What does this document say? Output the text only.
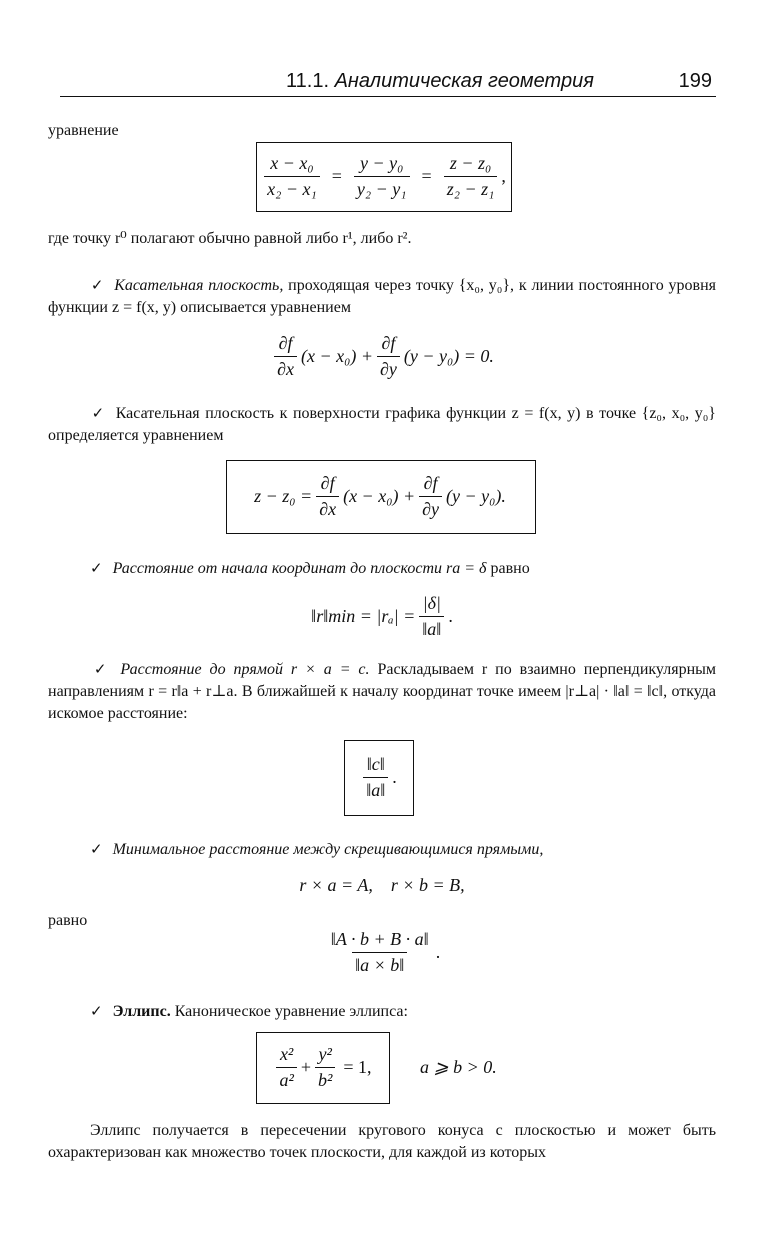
11.1. Аналитическая геометрия	199
уравнение
$\frac{\text{x − x₀}}{\text{x₂ − x₁}} = \frac{\text{y − y₀}}{\text{y₂ − y₁}} = \frac{\text{z − z₀}}{\text{z₂ − z₁}}$ ,
где точку r⁰ полагают обычно равной либо r¹, либо r².
✓ Касательная плоскость, проходящая через точку {x₀, y₀}, к линии постоянного уровня функции z = f(x, y) описывается уравнением
$\frac{\partial f}{\partial x} (x - x_0) + \frac{\partial f}{\partial y} (y - y_0) = 0$.
✓ Касательная плоскость к поверхности графика функции z = f(x, y) в точке {z₀, x₀, y₀} определяется уравнением
$z - z_0 = \frac{\partial f}{\partial x} (x - x_0) + \frac{\partial f}{\partial y} (y - y_0)$.
✓ Расстояние от начала координат до плоскости ra = δ равно
‖r‖min = $|r_a| = \frac{|\delta|}{‖a‖}$ .
✓ Расстояние до прямой r × a = c. Раскладываем r по взаимно перпендикулярным направлениям r = r‖a + r⊥a. В ближайшей к началу координат точке имеем |r⊥a| · ‖a‖ = ‖c‖, откуда искомое расстояние:
$\frac{‖c‖}{‖a‖}$ .
✓ Минимальное расстояние между скрещивающимися прямыми,
r × a = A,    r × b = B,
равно
$\frac{‖A \cdot b + B \cdot a‖}{‖a \times b‖}$ .
✓ Эллипс. Каноническое уравнение эллипса:
$\frac{\text{x²}}{\text{a²}} + \frac{\text{y²}}{\text{b²}} = 1$,	a ⩾ b > 0.
Эллипс получается в пересечении кругового конуса с плоскостью и может быть охарактеризован как множество точек плоскости, для каждой из которых
